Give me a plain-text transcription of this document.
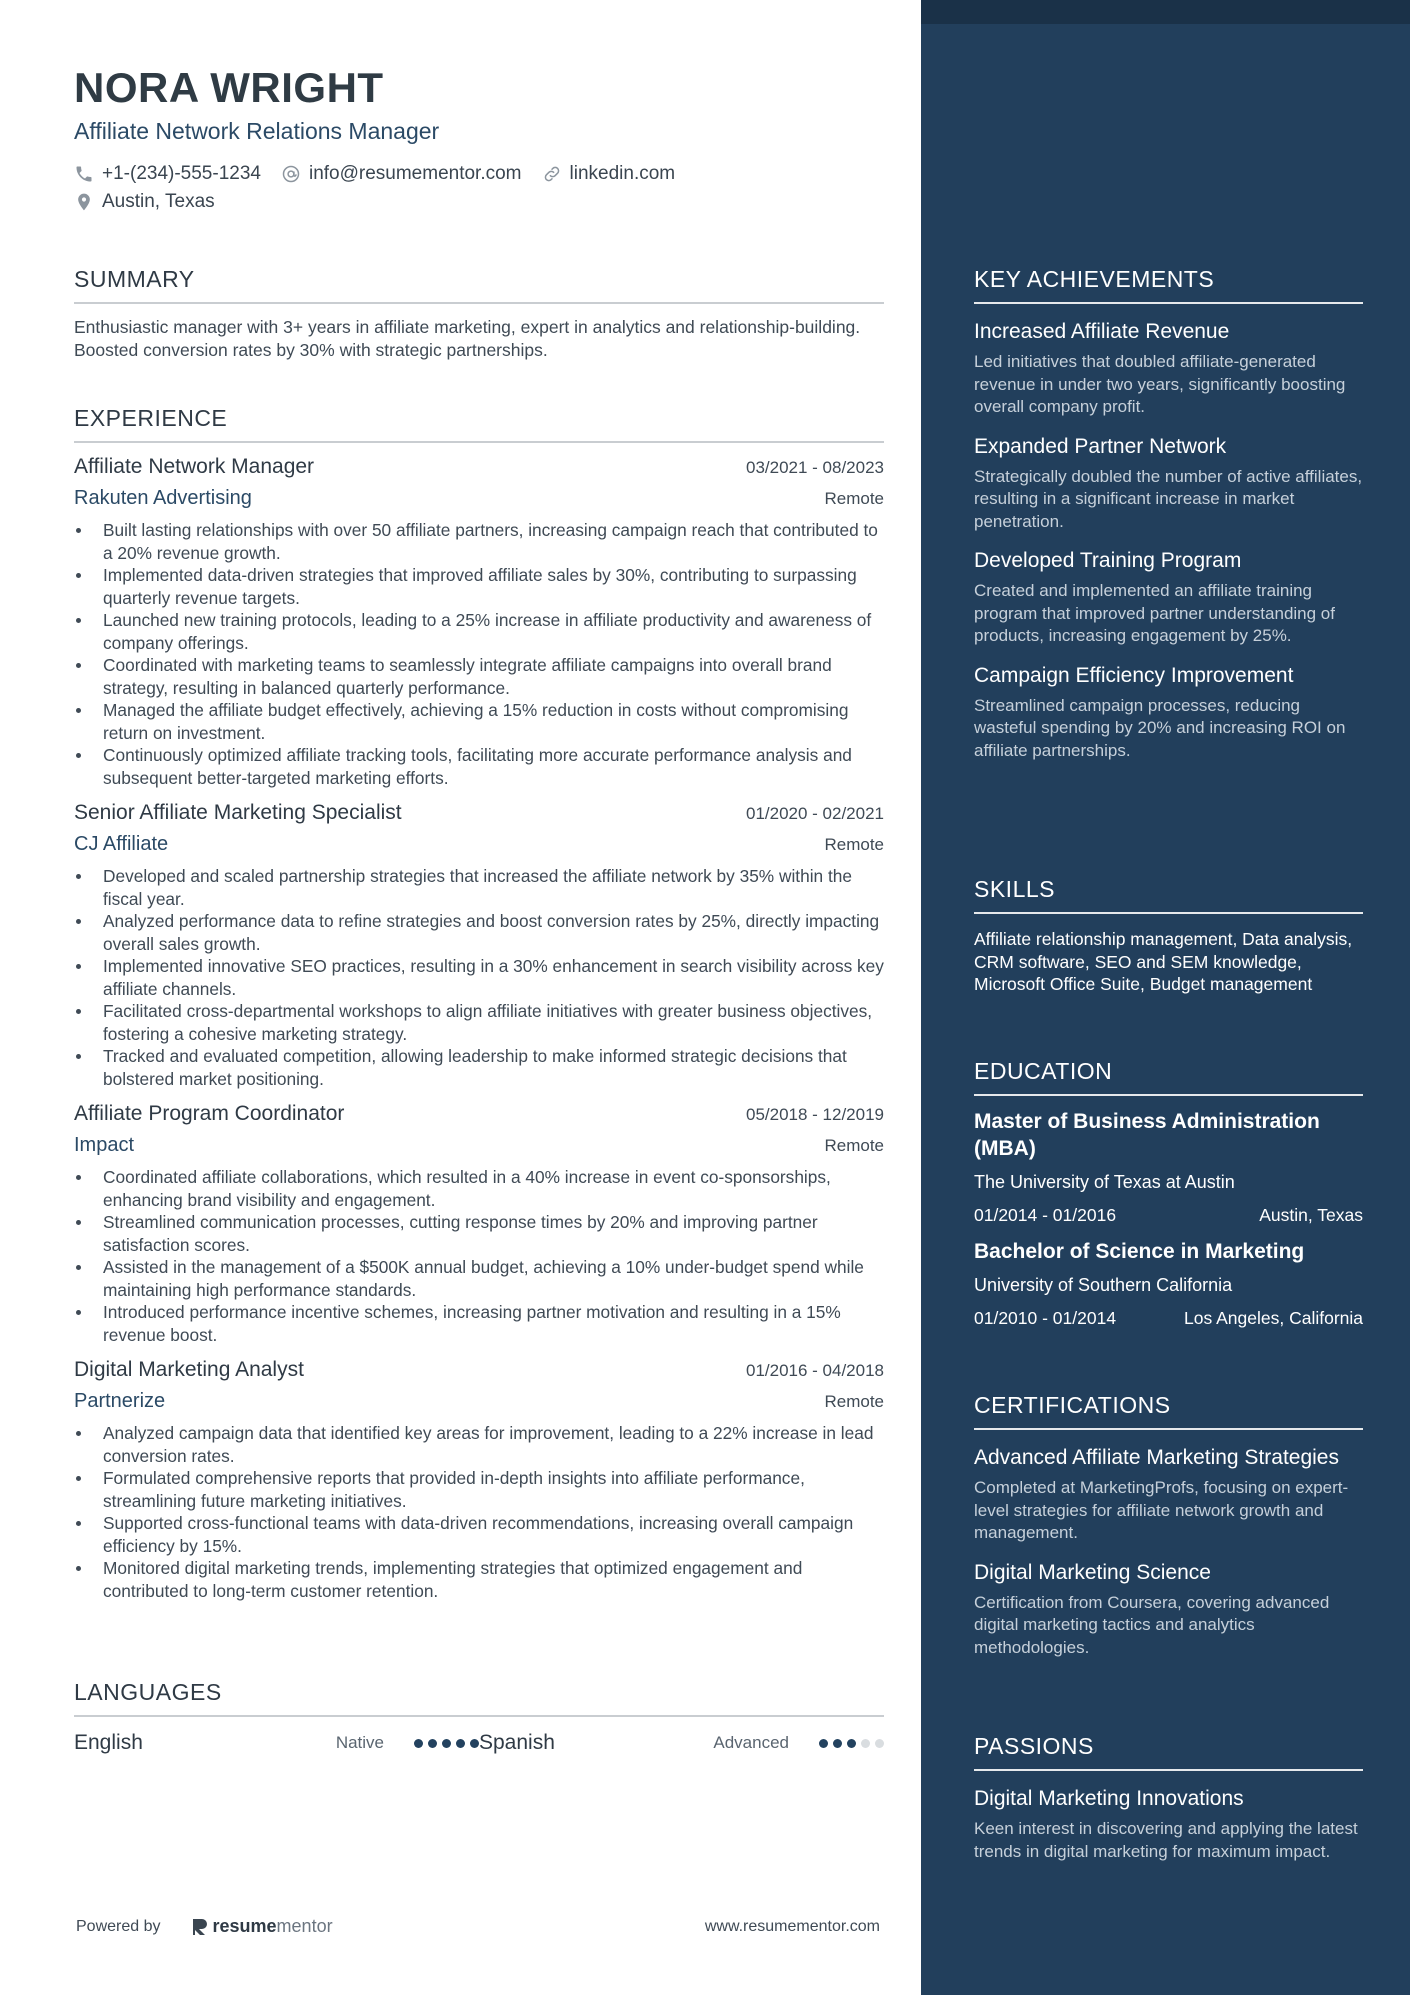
NORA WRIGHT
Affiliate Network Relations Manager
+1-(234)-555-1234	info@resumementor.com	linkedin.com
Austin, Texas
SUMMARY
Enthusiastic manager with 3+ years in affiliate marketing, expert in analytics and relationship-building. Boosted conversion rates by 30% with strategic partnerships.
EXPERIENCE
Affiliate Network Manager	03/2021 - 08/2023
Rakuten Advertising	Remote
Built lasting relationships with over 50 affiliate partners, increasing campaign reach that contributed to a 20% revenue growth.
Implemented data-driven strategies that improved affiliate sales by 30%, contributing to surpassing quarterly revenue targets.
Launched new training protocols, leading to a 25% increase in affiliate productivity and awareness of company offerings.
Coordinated with marketing teams to seamlessly integrate affiliate campaigns into overall brand strategy, resulting in balanced quarterly performance.
Managed the affiliate budget effectively, achieving a 15% reduction in costs without compromising return on investment.
Continuously optimized affiliate tracking tools, facilitating more accurate performance analysis and subsequent better-targeted marketing efforts.
Senior Affiliate Marketing Specialist	01/2020 - 02/2021
CJ Affiliate	Remote
Developed and scaled partnership strategies that increased the affiliate network by 35% within the fiscal year.
Analyzed performance data to refine strategies and boost conversion rates by 25%, directly impacting overall sales growth.
Implemented innovative SEO practices, resulting in a 30% enhancement in search visibility across key affiliate channels.
Facilitated cross-departmental workshops to align affiliate initiatives with greater business objectives, fostering a cohesive marketing strategy.
Tracked and evaluated competition, allowing leadership to make informed strategic decisions that bolstered market positioning.
Affiliate Program Coordinator	05/2018 - 12/2019
Impact	Remote
Coordinated affiliate collaborations, which resulted in a 40% increase in event co-sponsorships, enhancing brand visibility and engagement.
Streamlined communication processes, cutting response times by 20% and improving partner satisfaction scores.
Assisted in the management of a $500K annual budget, achieving a 10% under-budget spend while maintaining high performance standards.
Introduced performance incentive schemes, increasing partner motivation and resulting in a 15% revenue boost.
Digital Marketing Analyst	01/2016 - 04/2018
Partnerize	Remote
Analyzed campaign data that identified key areas for improvement, leading to a 22% increase in lead conversion rates.
Formulated comprehensive reports that provided in-depth insights into affiliate performance, streamlining future marketing initiatives.
Supported cross-functional teams with data-driven recommendations, increasing overall campaign efficiency by 15%.
Monitored digital marketing trends, implementing strategies that optimized engagement and contributed to long-term customer retention.
LANGUAGES
English	Native	Spanish	Advanced
Powered by	resume mentor	www.resumementor.com
KEY ACHIEVEMENTS
Increased Affiliate Revenue
Led initiatives that doubled affiliate-generated revenue in under two years, significantly boosting overall company profit.
Expanded Partner Network
Strategically doubled the number of active affiliates, resulting in a significant increase in market penetration.
Developed Training Program
Created and implemented an affiliate training program that improved partner understanding of products, increasing engagement by 25%.
Campaign Efficiency Improvement
Streamlined campaign processes, reducing wasteful spending by 20% and increasing ROI on affiliate partnerships.
SKILLS
Affiliate relationship management, Data analysis, CRM software, SEO and SEM knowledge, Microsoft Office Suite, Budget management
EDUCATION
Master of Business Administration (MBA)
The University of Texas at Austin
01/2014 - 01/2016	Austin, Texas
Bachelor of Science in Marketing
University of Southern California
01/2010 - 01/2014	Los Angeles, California
CERTIFICATIONS
Advanced Affiliate Marketing Strategies
Completed at MarketingProfs, focusing on expert-level strategies for affiliate network growth and management.
Digital Marketing Science
Certification from Coursera, covering advanced digital marketing tactics and analytics methodologies.
PASSIONS
Digital Marketing Innovations
Keen interest in discovering and applying the latest trends in digital marketing for maximum impact.
